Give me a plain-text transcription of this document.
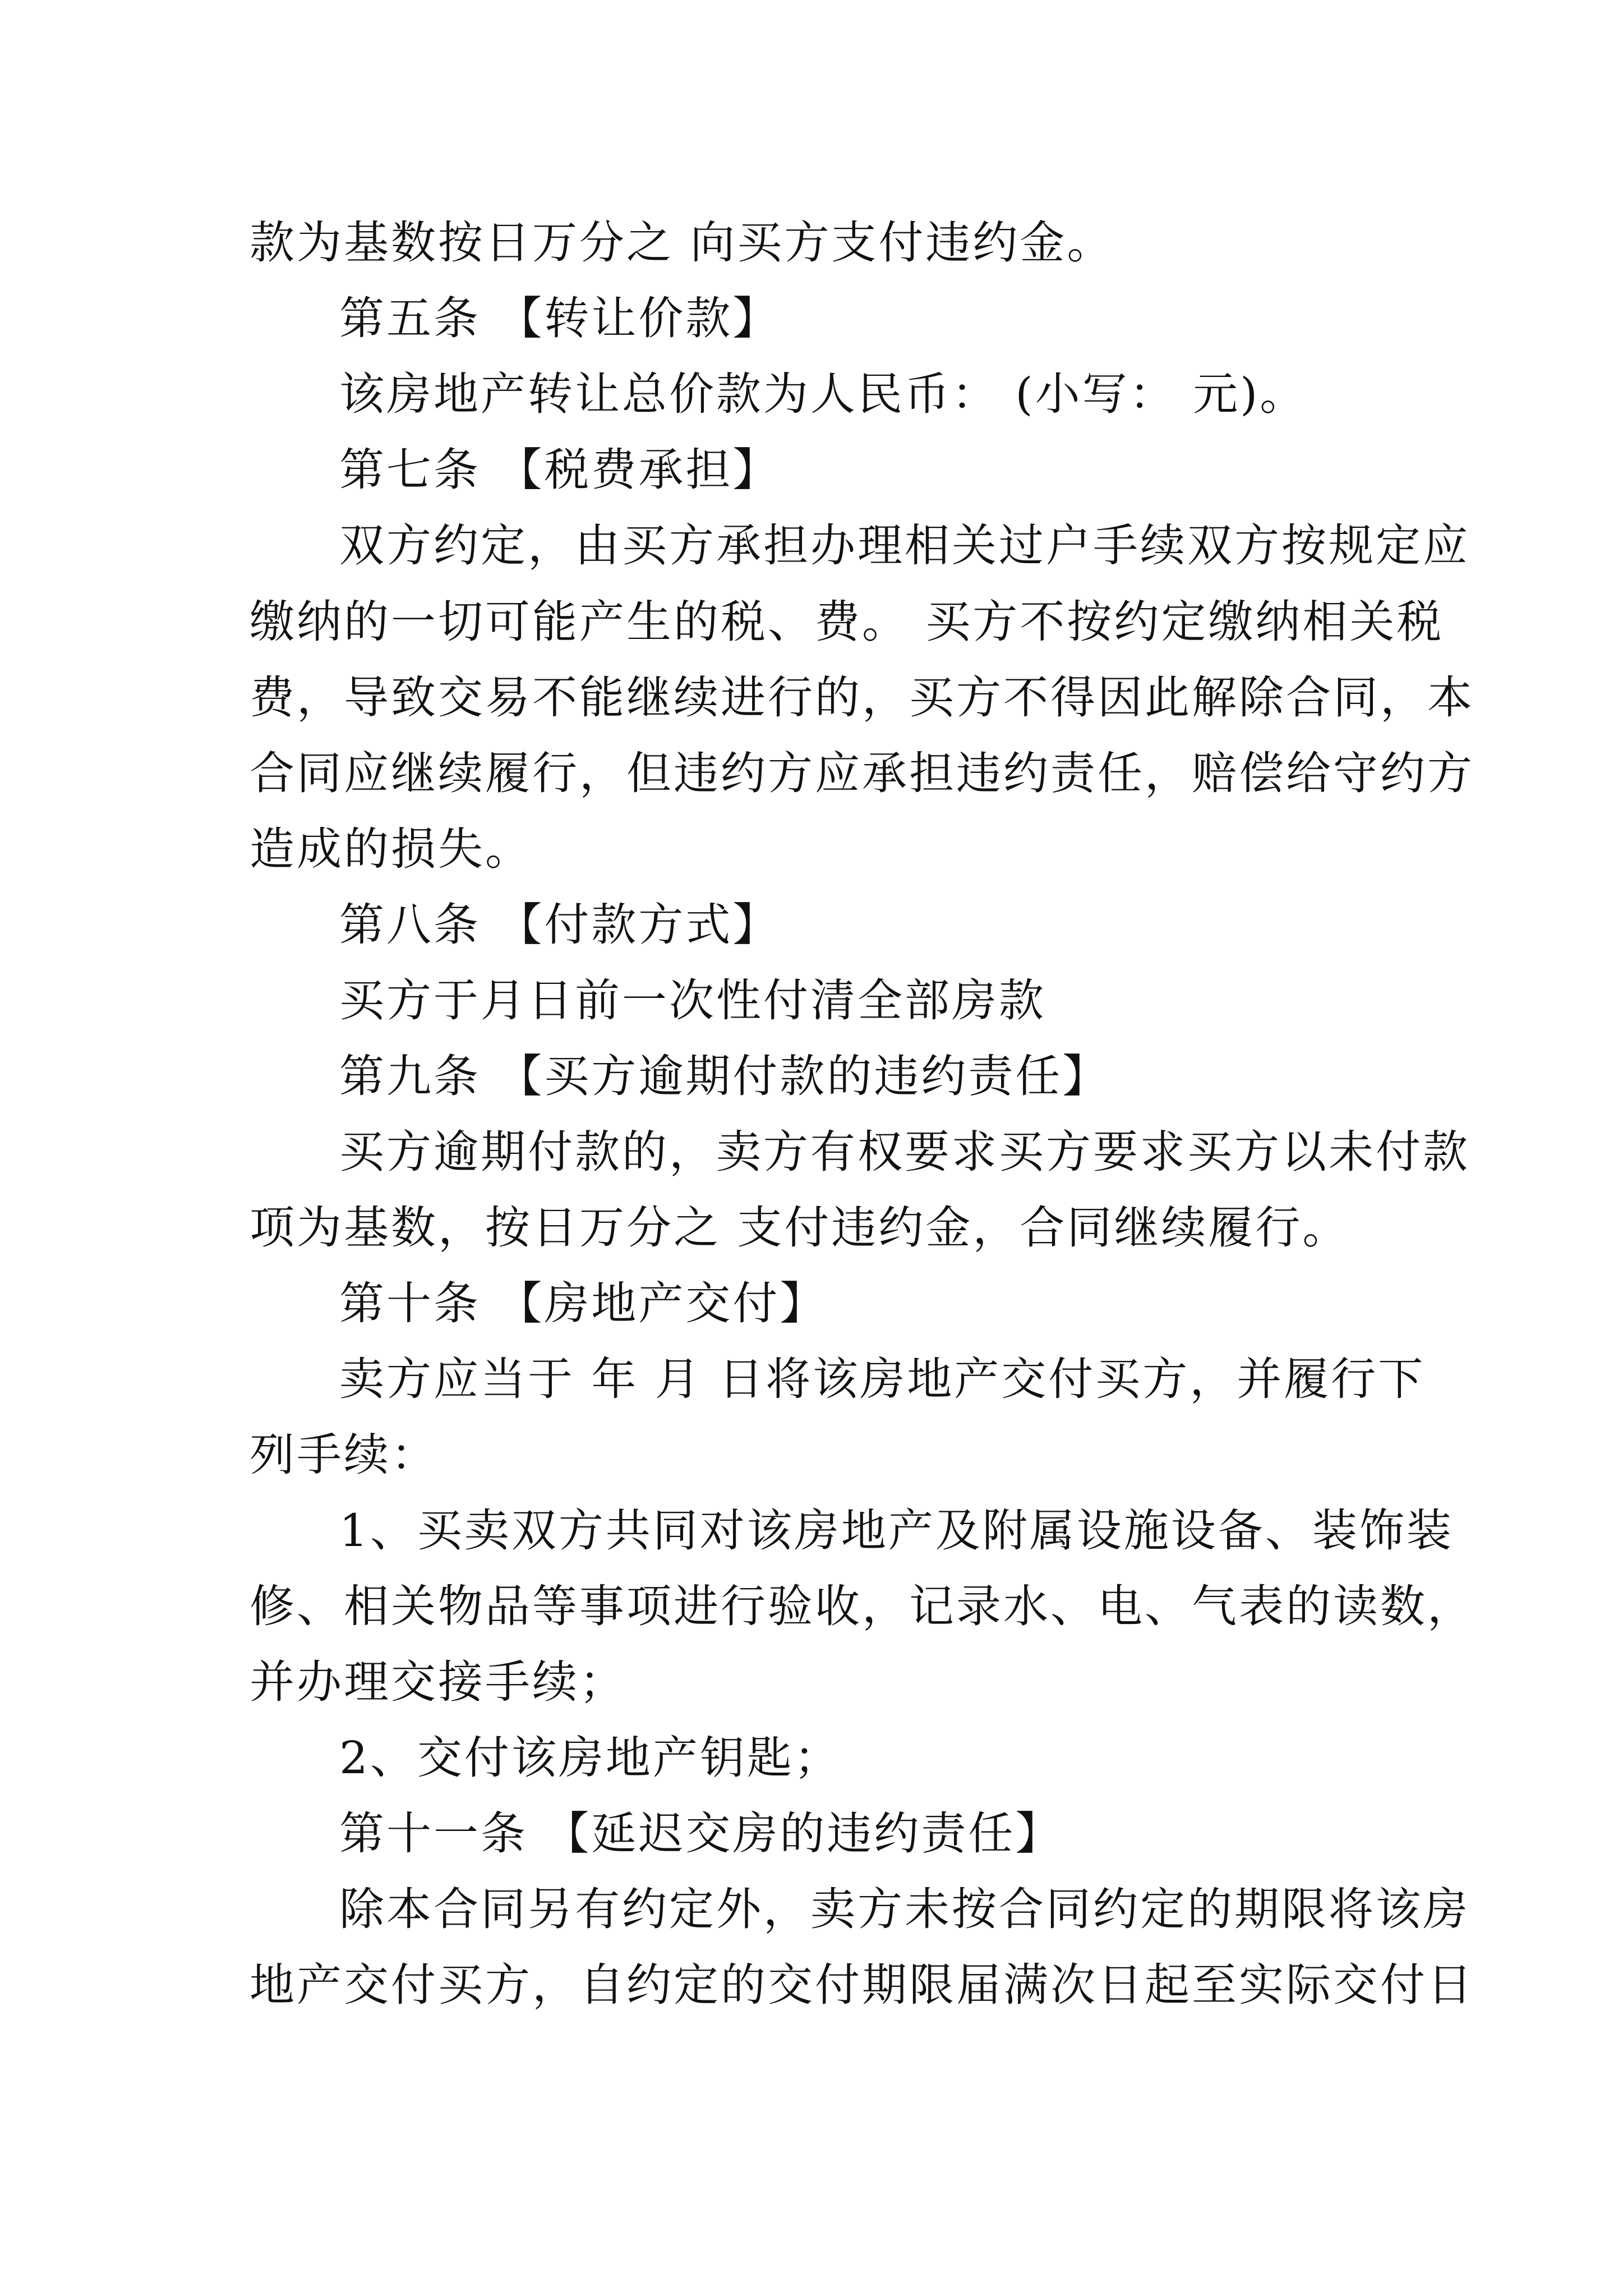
款为基数按日万分之 向买方支付违约金。
第五条 【转让价款】
该房地产转让总价款为人民币： (小写： 元)。
第七条 【税费承担】
双方约定，由买方承担办理相关过户手续双方按规定应
缴纳的一切可能产生的税、费。 买方不按约定缴纳相关税
费，导致交易不能继续进行的，买方不得因此解除合同，本
合同应继续履行，但违约方应承担违约责任，赔偿给守约方
造成的损失。
第八条 【付款方式】
买方于月日前一次性付清全部房款
第九条 【买方逾期付款的违约责任】
买方逾期付款的，卖方有权要求买方要求买方以未付款
项为基数，按日万分之 支付违约金，合同继续履行。
第十条 【房地产交付】
卖方应当于 年 月 日将该房地产交付买方，并履行下
列手续：
1、买卖双方共同对该房地产及附属设施设备、装饰装
修、相关物品等事项进行验收，记录水、电、气表的读数，
并办理交接手续；
2、交付该房地产钥匙；
第十一条 【延迟交房的违约责任】
除本合同另有约定外，卖方未按合同约定的期限将该房
地产交付买方，自约定的交付期限届满次日起至实际交付日
